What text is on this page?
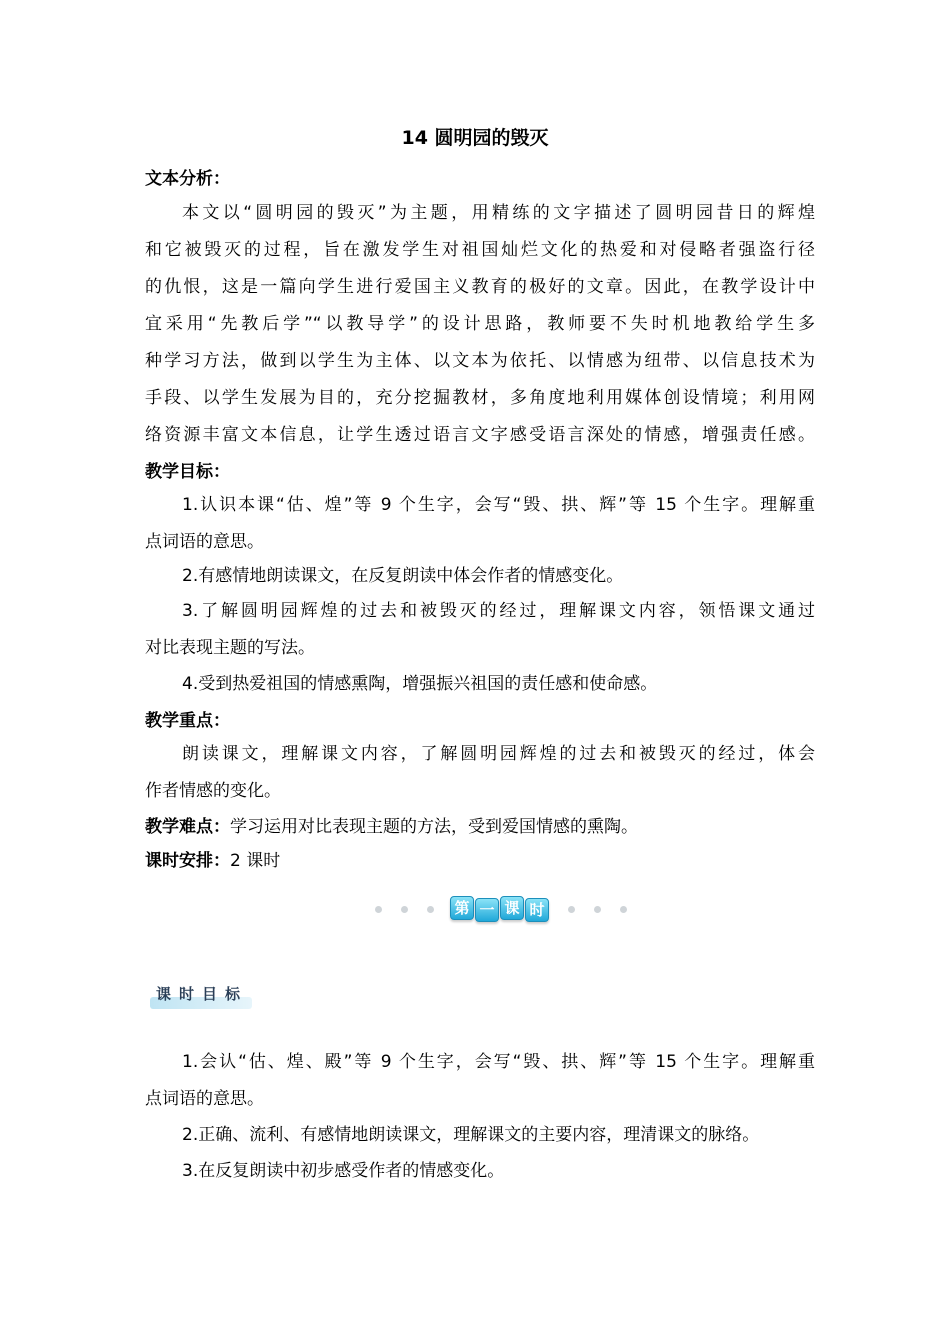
14 圆明园的毁灭
文本分析：
本文以“圆明园的毁灭”为主题，用精练的文字描述了圆明园昔日的辉煌
和它被毁灭的过程，旨在激发学生对祖国灿烂文化的热爱和对侵略者强盗行径
的仇恨，这是一篇向学生进行爱国主义教育的极好的文章。因此，在教学设计中
宜采用“先教后学”“以教导学”的设计思路，教师要不失时机地教给学生多
种学习方法，做到以学生为主体、以文本为依托、以情感为纽带、以信息技术为
手段、以学生发展为目的，充分挖掘教材，多角度地利用媒体创设情境；利用网
络资源丰富文本信息，让学生透过语言文字感受语言深处的情感，增强责任感。
教学目标：
1.认识本课“估、煌”等 9 个生字，会写“毁、拱、辉”等 15 个生字。理解重
点词语的意思。
2.有感情地朗读课文，在反复朗读中体会作者的情感变化。
3.了解圆明园辉煌的过去和被毁灭的经过，理解课文内容，领悟课文通过
对比表现主题的写法。
4.受到热爱祖国的情感熏陶，增强振兴祖国的责任感和使命感。
教学重点：
朗读课文，理解课文内容，了解圆明园辉煌的过去和被毁灭的经过，体会
作者情感的变化。
教学难点：学习运用对比表现主题的方法，受到爱国情感的熏陶。
课时安排：2 课时
第 一 课 时
课时目标
1.会认“估、煌、殿”等 9 个生字，会写“毁、拱、辉”等 15 个生字。理解重
点词语的意思。
2.正确、流利、有感情地朗读课文，理解课文的主要内容，理清课文的脉络。
3.在反复朗读中初步感受作者的情感变化。
